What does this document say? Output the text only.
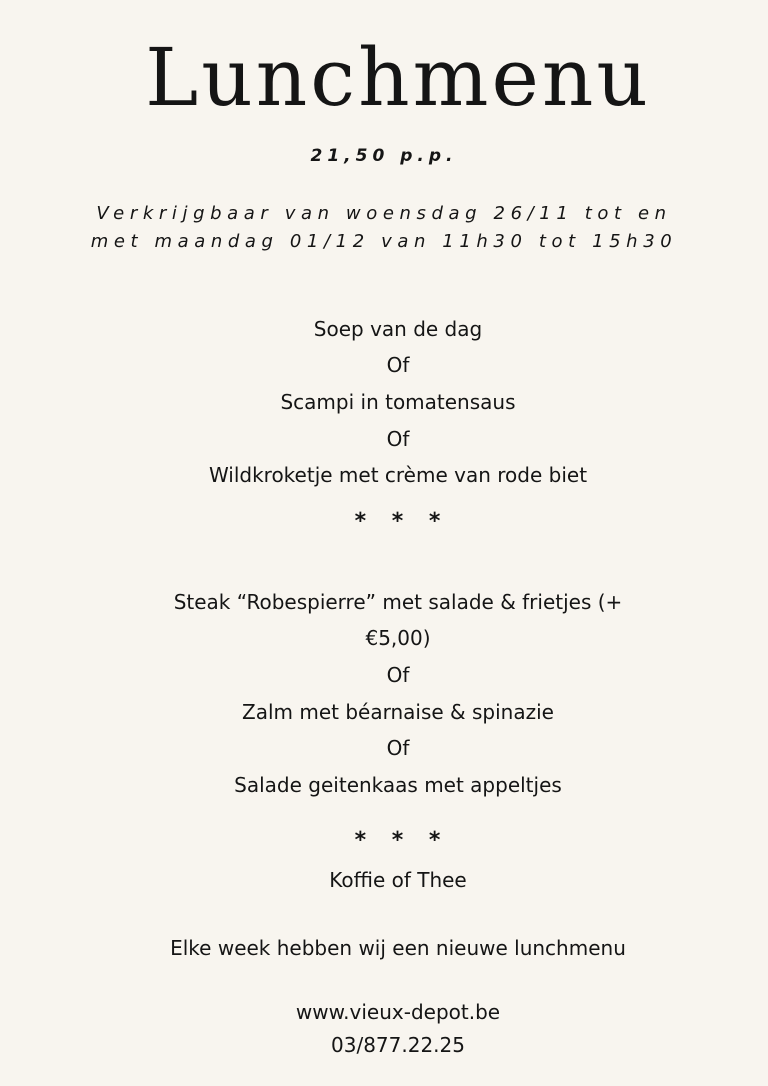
Lunchmenu
21,50 p.p.
Verkrijgbaar van woensdag 26/11 tot en
met maandag 01/12 van 11h30 tot 15h30
Soep van de dag
Of
Scampi in tomatensaus
Of
Wildkroketje met crème van rode biet
* * *
Steak “Robespierre” met salade & frietjes (+
€5,00)
Of
Zalm met béarnaise & spinazie
Of
Salade geitenkaas met appeltjes
* * *
Koffie of Thee
Elke week hebben wij een nieuwe lunchmenu
www.vieux-depot.be
03/877.22.25
